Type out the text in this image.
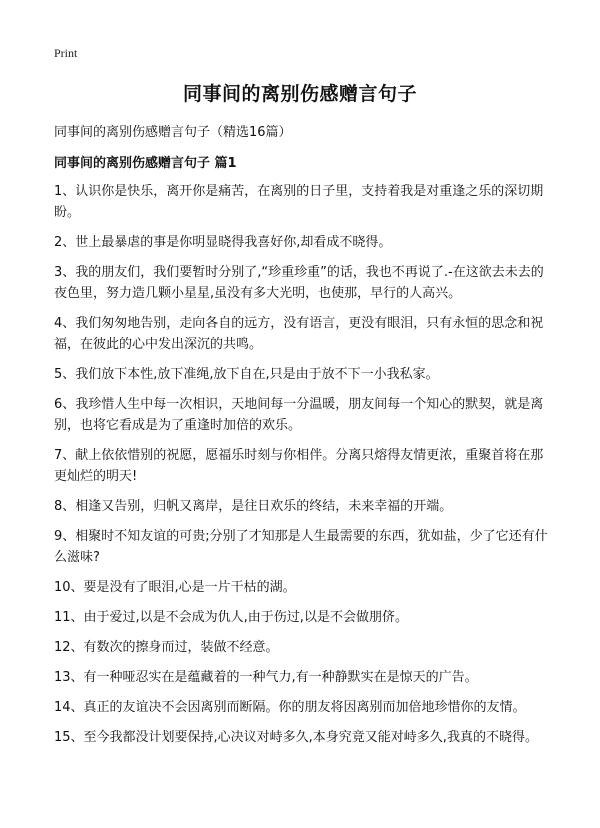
Print
同事间的离别伤感赠言句子
同事间的离别伤感赠言句子（精选16篇）
同事间的离别伤感赠言句子 篇1
1、认识你是快乐，离开你是痛苦，在离别的日子里，支持着我是对重逢之乐的深切期盼。
2、世上最暴虐的事是你明显晓得我喜好你,却看成不晓得。
3、我的朋友们，我们要暂时分别了,“珍重珍重”的话，我也不再说了.-在这欲去未去的夜色里，努力造几颗小星星,虽没有多大光明，也使那，早行的人高兴。
4、我们匆匆地告别，走向各自的远方，没有语言，更没有眼泪，只有永恒的思念和祝福，在彼此的心中发出深沉的共鸣。
5、我们放下本性,放下准绳,放下自在,只是由于放不下一小我私家。
6、我珍惜人生中每一次相识，天地间每一分温暖，朋友间每一个知心的默契，就是离别，也将它看成是为了重逢时加倍的欢乐。
7、献上依依惜别的祝愿，愿福乐时刻与你相伴。分离只熔得友情更浓，重聚首将在那更灿烂的明天!
8、相逢又告别，归帆又离岸，是往日欢乐的终结，未来幸福的开端。
9、相聚时不知友谊的可贵;分别了才知那是人生最需要的东西，犹如盐，少了它还有什么滋味?
10、要是没有了眼泪,心是一片干枯的湖。
11、由于爱过,以是不会成为仇人,由于伤过,以是不会做朋侪。
12、有数次的擦身而过，装做不经意。
13、有一种哑忍实在是蕴藏着的一种气力,有一种静默实在是惊天的广告。
14、真正的友谊决不会因离别而断隔。你的朋友将因离别而加倍地珍惜你的友情。
15、至今我都没计划要保持,心决议对峙多久,本身究竟又能对峙多久,我真的不晓得。
